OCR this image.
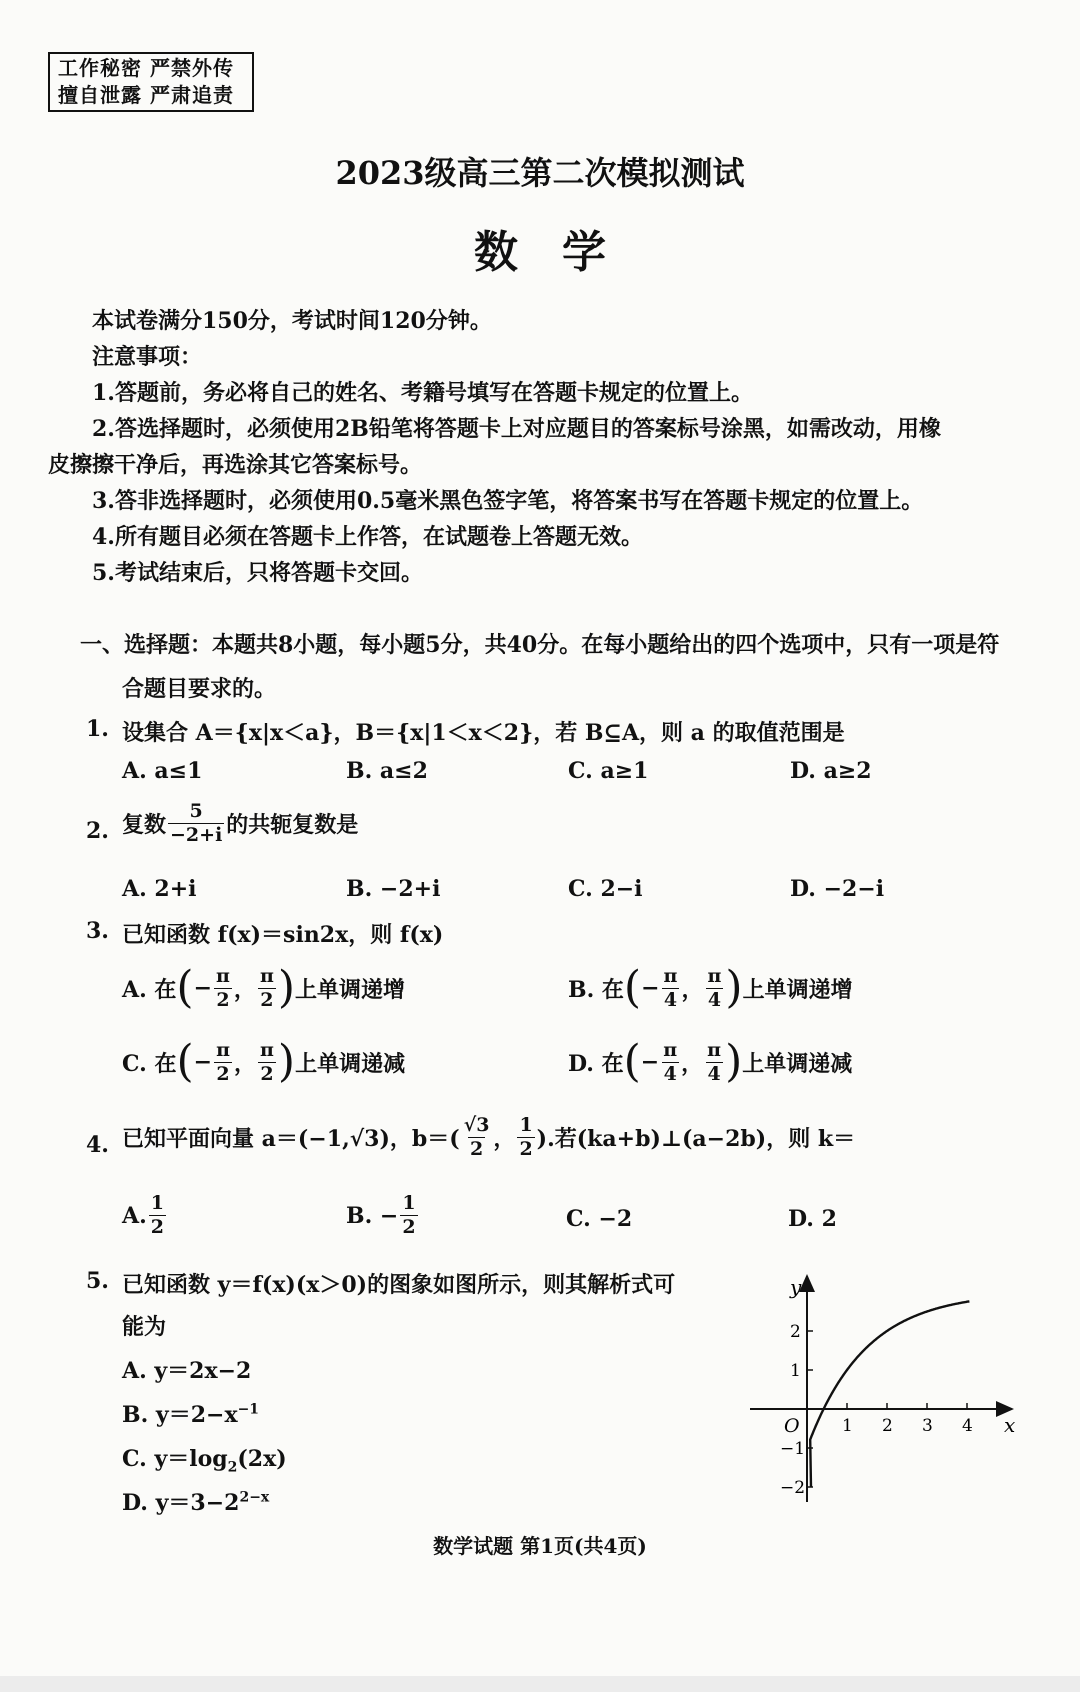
工作秘密 严禁外传
擅自泄露 严肃追责
2023级高三第二次模拟测试
数学
本试卷满分150分，考试时间120分钟。
注意事项：
1.答题前，务必将自己的姓名、考籍号填写在答题卡规定的位置上。
2.答选择题时，必须使用2B铅笔将答题卡上对应题目的答案标号涂黑，如需改动，用橡
皮擦擦干净后，再选涂其它答案标号。
3.答非选择题时，必须使用0.5毫米黑色签字笔，将答案书写在答题卡规定的位置上。
4.所有题目必须在答题卡上作答，在试题卷上答题无效。
5.考试结束后，只将答题卡交回。
一、选择题：本题共8小题，每小题5分，共40分。在每小题给出的四个选项中，只有一项是符
合题目要求的。
1. 设集合 A＝{x|x＜a}，B＝{x|1＜x＜2}，若 B⊆A，则 a 的取值范围是
A. a≤1	B. a≤2	C. a≥1	D. a≥2
2. 复数 $\frac{5}{-2+i}$ 的共轭复数是
A. 2+i	B. −2+i	C. 2−i	D. −2−i
3. 已知函数 f(x)＝sin2x，则 f(x)
A. 在 ( − $\frac{\pi}{2}$ ， $\frac{\pi}{2}$ ) 上单调递增	B. 在 ( − $\frac{\pi}{4}$ ， $\frac{\pi}{4}$ ) 上单调递增
C. 在 ( − $\frac{\pi}{2}$ ， $\frac{\pi}{2}$ ) 上单调递减	D. 在 ( − $\frac{\pi}{4}$ ， $\frac{\pi}{4}$ ) 上单调递减
4. 已知平面向量 a＝(−1,√3)，$b=( \frac{√3}{2}$ ， $\frac{1}{2}$ ).若(ka+b)⊥(a−2b)，则 k＝
A. $\frac{1}{2}$	B. − $\frac{1}{2}$	C. −2	D. 2
5. 已知函数 y＝f(x)(x＞0)的图象如图所示，则其解析式可
能为
A. y＝2x−2
B. $y=2-x^{-1}$
C. $y=\log_2(2x)$
D. $y=3-2^{2-x}$
y
x
O 1 2 3 4
2
1
−1
−2
数学试题 第1页(共4页)
